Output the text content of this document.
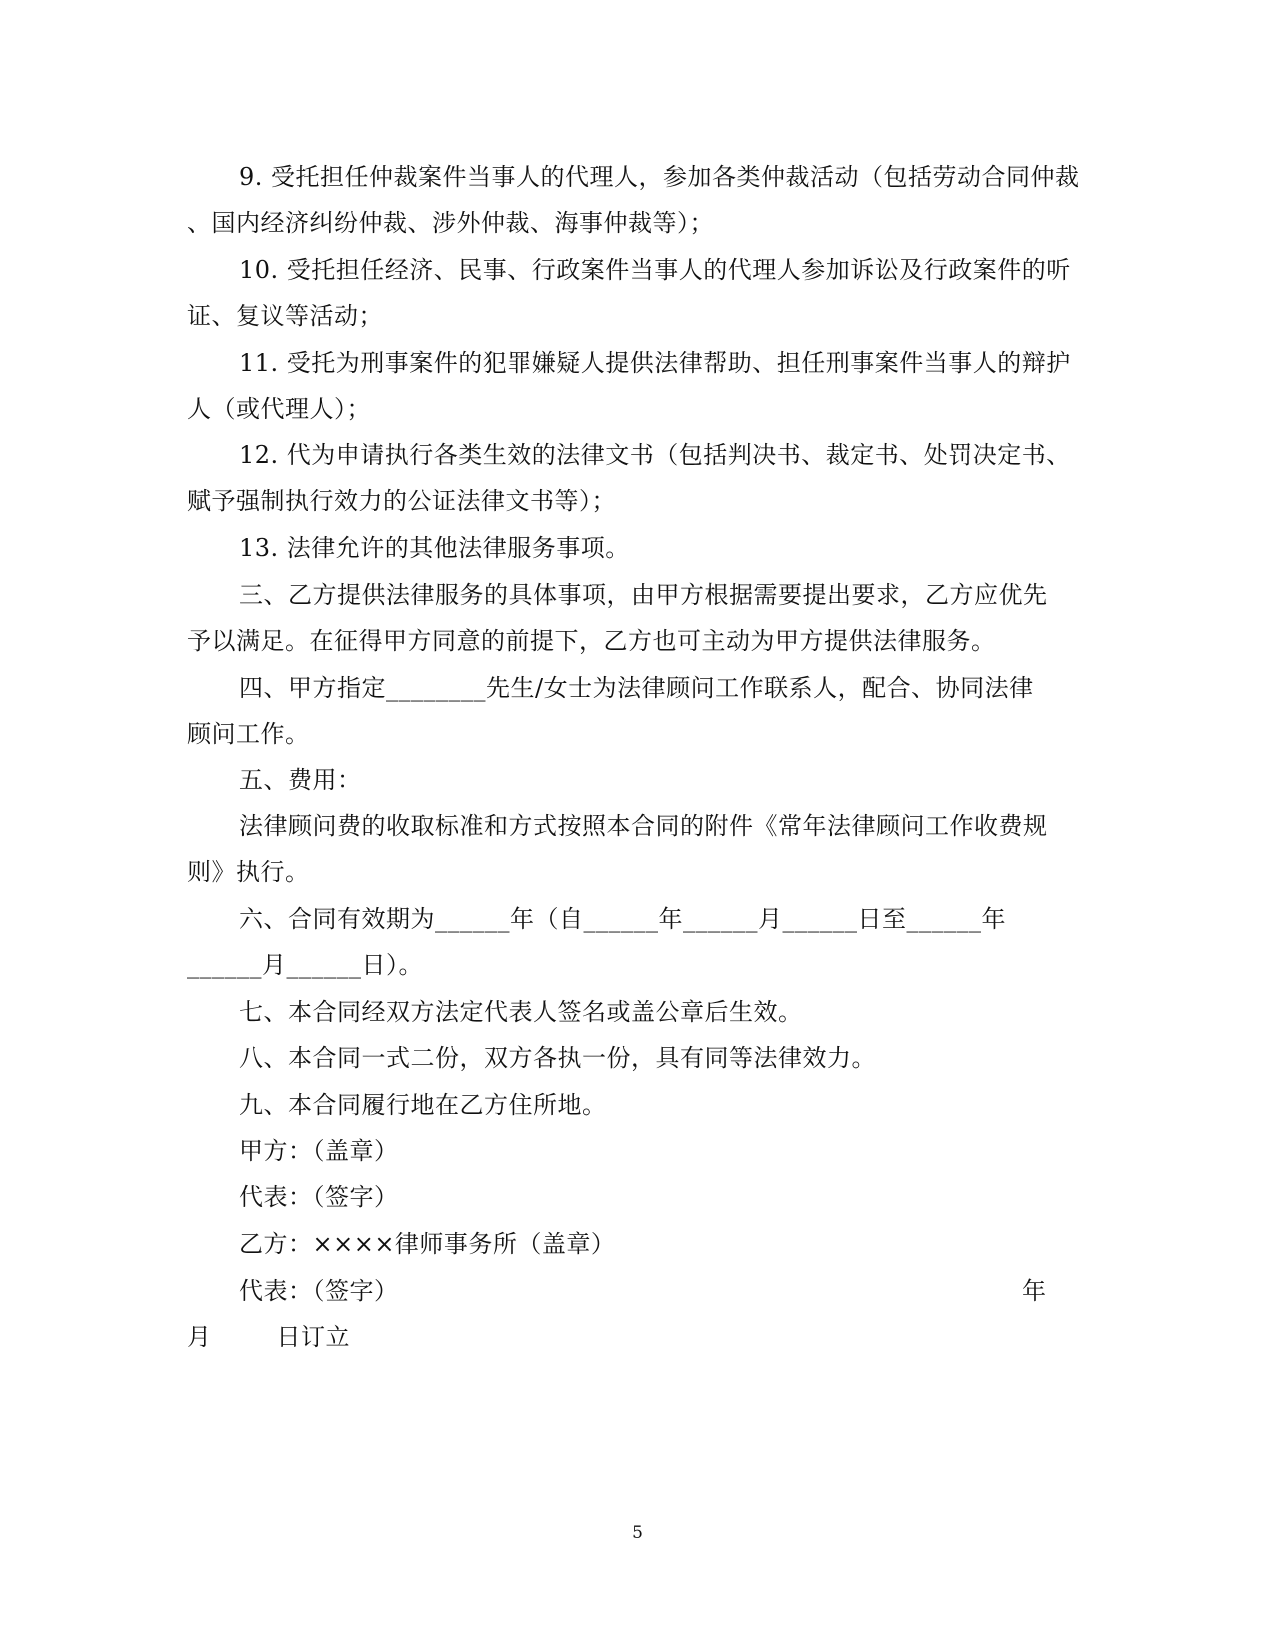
9. 受托担任仲裁案件当事人的代理人，参加各类仲裁活动（包括劳动合同仲裁
、国内经济纠纷仲裁、涉外仲裁、海事仲裁等）；
10. 受托担任经济、民事、行政案件当事人的代理人参加诉讼及行政案件的听
证、复议等活动；
11. 受托为刑事案件的犯罪嫌疑人提供法律帮助、担任刑事案件当事人的辩护
人（或代理人）；
12. 代为申请执行各类生效的法律文书（包括判决书、裁定书、处罚决定书、
赋予强制执行效力的公证法律文书等）；
13. 法律允许的其他法律服务事项。
三、乙方提供法律服务的具体事项，由甲方根据需要提出要求，乙方应优先
予以满足。在征得甲方同意的前提下，乙方也可主动为甲方提供法律服务。
四、甲方指定________先生/女士为法律顾问工作联系人，配合、协同法律
顾问工作。
五、费用：
法律顾问费的收取标准和方式按照本合同的附件《常年法律顾问工作收费规
则》执行。
六、合同有效期为______年（自______年______月______日至______年
______月______日）。
七、本合同经双方法定代表人签名或盖公章后生效。
八、本合同一式二份，双方各执一份，具有同等法律效力。
九、本合同履行地在乙方住所地。
甲方：（盖章）
代表：（签字）
乙方：××××律师事务所（盖章）
代表：（签字）	年
月        日订立
5
